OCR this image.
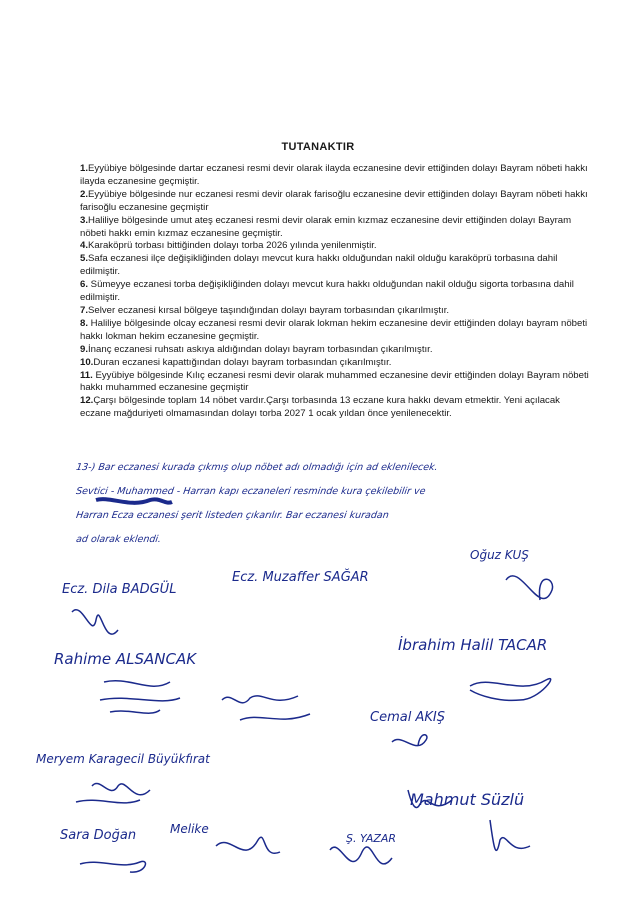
TUTANAKTIR

1.Eyyübiye bölgesinde dartar eczanesi resmi devir olarak ilayda eczanesine devir ettiğinden dolayı Bayram nöbeti hakkı ilayda eczanesine geçmiştir.

2.Eyyübiye bölgesinde nur eczanesi resmi devir olarak farisoğlu eczanesine devir ettiğinden dolayı Bayram nöbeti hakkı farisoğlu eczanesine geçmiştir

3.Haliliye bölgesinde umut ateş eczanesi resmi devir olarak emin kızmaz eczanesine devir ettiğinden dolayı Bayram nöbeti hakkı emin kızmaz eczanesine geçmiştir.

4.Karaköprü torbası bittiğinden dolayı torba 2026 yılında yenilenmiştir.

5.Safa eczanesi ilçe değişikliğinden dolayı mevcut kura hakkı olduğundan nakil olduğu karaköprü torbasına dahil edilmiştir.

6. Sümeyye eczanesi torba değişikliğinden dolayı mevcut kura hakkı olduğundan nakil olduğu sigorta torbasına dahil edilmiştir.

7.Selver eczanesi kırsal bölgeye taşındığından dolayı bayram torbasından çıkarılmıştır.

8. Haliliye bölgesinde olcay eczanesi resmi devir olarak lokman hekim eczanesine devir ettiğinden dolayı bayram nöbeti hakkı lokman hekim eczanesine geçmiştir.

9.İnanç eczanesi ruhsatı askıya aldığından dolayı bayram torbasından çıkarılmıştır.

10.Duran eczanesi kapattığından dolayı bayram torbasından çıkarılmıştır.

11. Eyyübiye bölgesinde Kılıç eczanesi resmi devir olarak muhammed eczanesine devir ettiğinden dolayı Bayram nöbeti hakkı muhammed eczanesine geçmiştir

12.Çarşı bölgesinde toplam 14 nöbet vardır.Çarşı torbasında 13 eczane kura hakkı devam etmektir. Yeni açılacak eczane mağduriyeti olmamasından dolayı torba 2027 1 ocak yıldan önce yenilenecektir.

13-) Bar eczanesi kurada çıkmış olup nöbet adı olmadığı için ad eklenilecek.
Sevtici - Muhammed - Harran kapı eczaneleri resminde kura çekilebilir ve
Harran Ecza eczanesi şerit listeden çıkarılır. Bar eczanesi kuradan
ad olarak eklendi.
Ecz. Dila BADGÜL
Ecz. Muzaffer SAĞAR
Oğuz KUŞ
İbrahim Halil TACAR
Rahime ALSANCAK
Cemal AKIŞ
Meryem Karagecil Büyükfırat
Mahmut Süzlü
Melike
Sara Doğan	Ş. YAZAR
